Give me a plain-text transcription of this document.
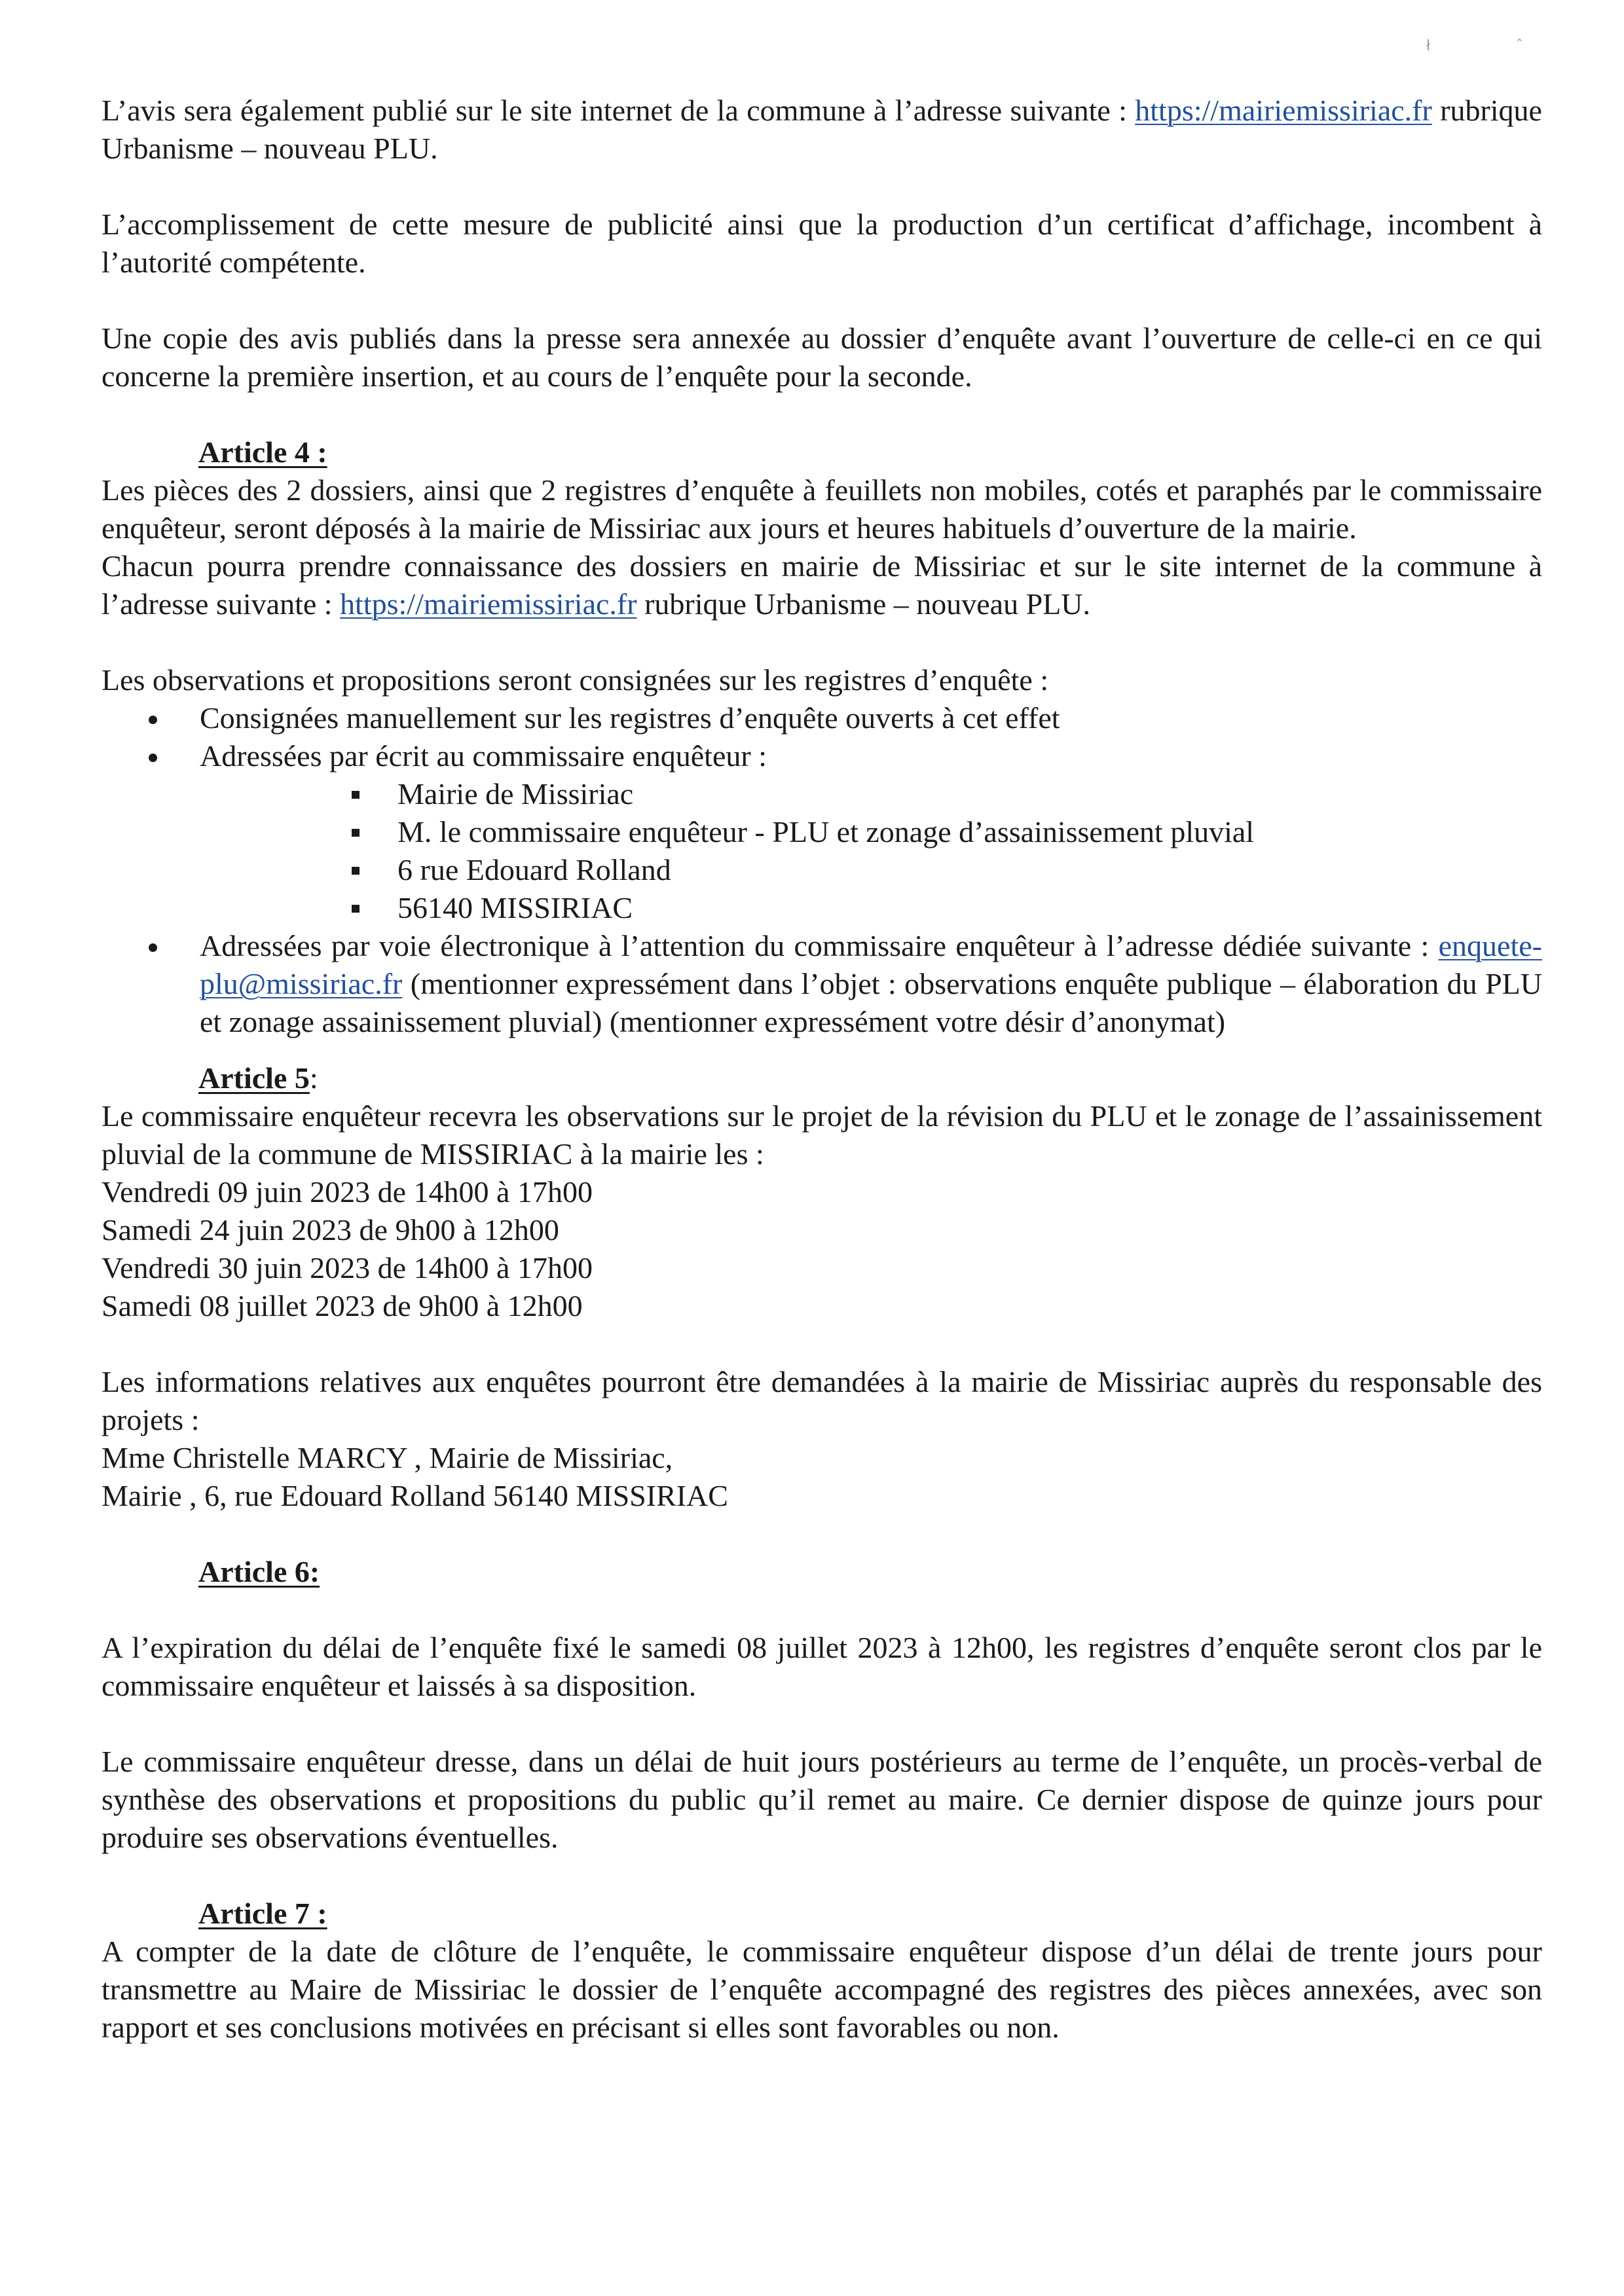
ł	ˆ

L’avis sera également publié sur le site internet de la commune à l’adresse suivante : https://mairiemissiriac.fr rubrique Urbanisme – nouveau PLU.

L’accomplissement de cette mesure de publicité ainsi que la production d’un certificat d’affichage, incombent à l’autorité compétente.

Une copie des avis publiés dans la presse sera annexée au dossier d’enquête avant l’ouverture de celle-ci en ce qui concerne la première insertion, et au cours de l’enquête pour la seconde.

Article 4 :

Les pièces des 2 dossiers, ainsi que 2 registres d’enquête à feuillets non mobiles, cotés et paraphés par le commissaire enquêteur, seront déposés à la mairie de Missiriac aux jours et heures habituels d’ouverture de la mairie.

Chacun pourra prendre connaissance des dossiers en mairie de Missiriac et sur le site internet de la commune à l’adresse suivante : https://mairiemissiriac.fr rubrique Urbanisme – nouveau PLU.

Les observations et propositions seront consignées sur les registres d’enquête :

Consignées manuellement sur les registres d’enquête ouverts à cet effet
Adressées par écrit au commissaire enquêteur :
Mairie de Missiriac
M. le commissaire enquêteur - PLU et zonage d’assainissement pluvial
6 rue Edouard Rolland
56140 MISSIRIAC
Adressées par voie électronique à l’attention du commissaire enquêteur à l’adresse dédiée suivante : enquete-plu@missiriac.fr (mentionner expressément dans l’objet : observations enquête publique – élaboration du PLU et zonage assainissement pluvial) (mentionner expressément votre désir d’anonymat)

Article 5:

Le commissaire enquêteur recevra les observations sur le projet de la révision du PLU et le zonage de l’assainissement pluvial de la commune de MISSIRIAC à la mairie les :

Vendredi 09 juin 2023 de 14h00 à 17h00

Samedi 24 juin 2023 de 9h00 à 12h00

Vendredi 30 juin 2023 de 14h00 à 17h00

Samedi 08 juillet 2023 de 9h00 à 12h00

Les informations relatives aux enquêtes pourront être demandées à la mairie de Missiriac auprès du responsable des projets :

Mme Christelle MARCY , Mairie de Missiriac,

Mairie , 6, rue Edouard Rolland 56140 MISSIRIAC

Article 6:

A l’expiration du délai de l’enquête fixé le samedi 08 juillet 2023 à 12h00, les registres d’enquête seront clos par le commissaire enquêteur et laissés à sa disposition.

Le commissaire enquêteur dresse, dans un délai de huit jours postérieurs au terme de l’enquête, un procès-verbal de synthèse des observations et propositions du public qu’il remet au maire. Ce dernier dispose de quinze jours pour produire ses observations éventuelles.

Article 7 :

A compter de la date de clôture de l’enquête, le commissaire enquêteur dispose d’un délai de trente jours pour transmettre au Maire de Missiriac le dossier de l’enquête accompagné des registres des pièces annexées, avec son rapport et ses conclusions motivées en précisant si elles sont favorables ou non.
